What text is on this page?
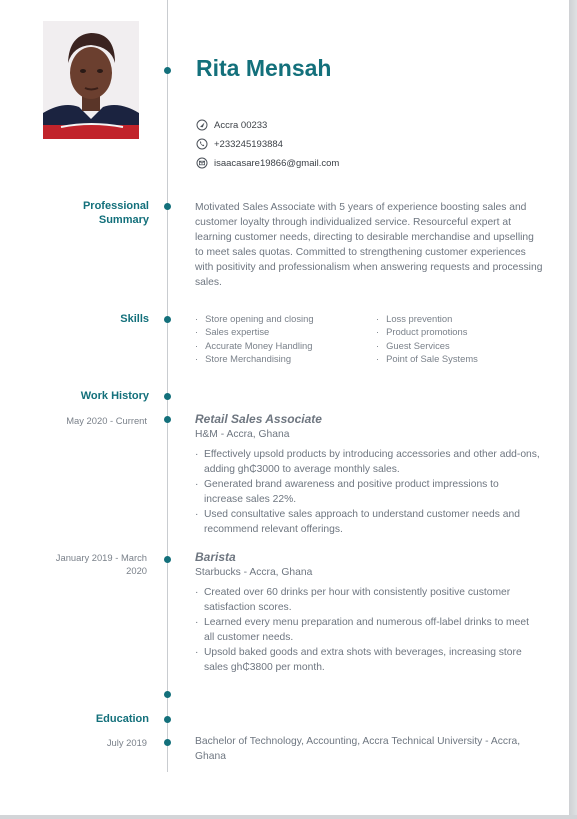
Rita Mensah
Accra 00233
+233245193884
isaacasare19866@gmail.com
Professional
Summary
Motivated Sales Associate with 5 years of experience boosting sales and customer loyalty through individualized service. Resourceful expert at learning customer needs, directing to desirable merchandise and upselling to meet sales quotas. Committed to strengthening customer experiences with positivity and professionalism when answering requests and processing sales.
Skills
·	Store opening and closing
· Sales expertise
· Accurate Money Handling
· Store Merchandising
· Loss prevention
· Product promotions
· Guest Services
· Point of Sale Systems
Work History
May 2020 - Current	Retail Sales Associate
H&M - Accra, Ghana
· Effectively upsold products by introducing accessories and other add-ons, adding gh₵3000 to average monthly sales.
· Generated brand awareness and positive product impressions to increase sales 22%.
· Used consultative sales approach to understand customer needs and recommend relevant offerings.
January 2019 - March
2020
Barista
Starbucks - Accra, Ghana
· Created over 60 drinks per hour with consistently positive customer satisfaction scores.
· Learned every menu preparation and numerous off-label drinks to meet all customer needs.
· Upsold baked goods and extra shots with beverages, increasing store sales gh₵3800 per month.
Education
July 2019	Bachelor of Technology, Accounting, Accra Technical University - Accra, Ghana
